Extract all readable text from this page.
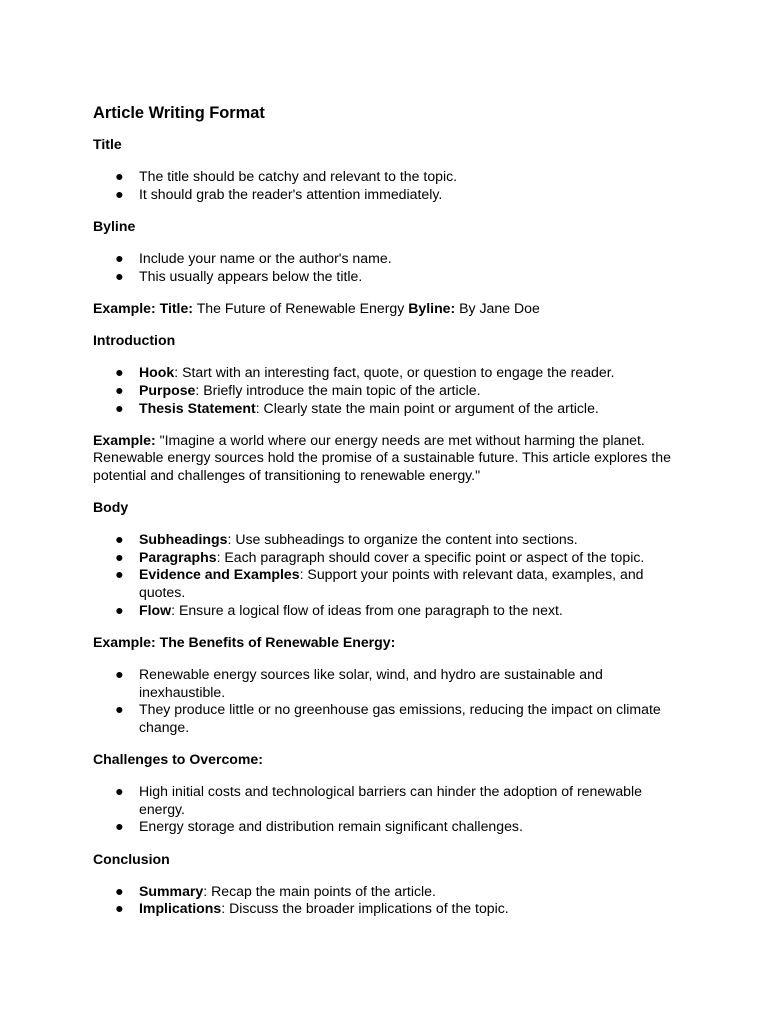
Article Writing Format
Title
● The title should be catchy and relevant to the topic.
● It should grab the reader's attention immediately.
Byline
● Include your name or the author's name.
● This usually appears below the title.
Example: Title: The Future of Renewable Energy Byline: By Jane Doe
Introduction
● Hook: Start with an interesting fact, quote, or question to engage the reader.
● Purpose: Briefly introduce the main topic of the article.
● Thesis Statement: Clearly state the main point or argument of the article.
Example: "Imagine a world where our energy needs are met without harming the planet. Renewable energy sources hold the promise of a sustainable future. This article explores the potential and challenges of transitioning to renewable energy."
Body
● Subheadings: Use subheadings to organize the content into sections.
● Paragraphs: Each paragraph should cover a specific point or aspect of the topic.
● Evidence and Examples: Support your points with relevant data, examples, and quotes.
● Flow: Ensure a logical flow of ideas from one paragraph to the next.
Example: The Benefits of Renewable Energy:
● Renewable energy sources like solar, wind, and hydro are sustainable and inexhaustible.
● They produce little or no greenhouse gas emissions, reducing the impact on climate change.
Challenges to Overcome:
● High initial costs and technological barriers can hinder the adoption of renewable energy.
● Energy storage and distribution remain significant challenges.
Conclusion
● Summary: Recap the main points of the article.
● Implications: Discuss the broader implications of the topic.
